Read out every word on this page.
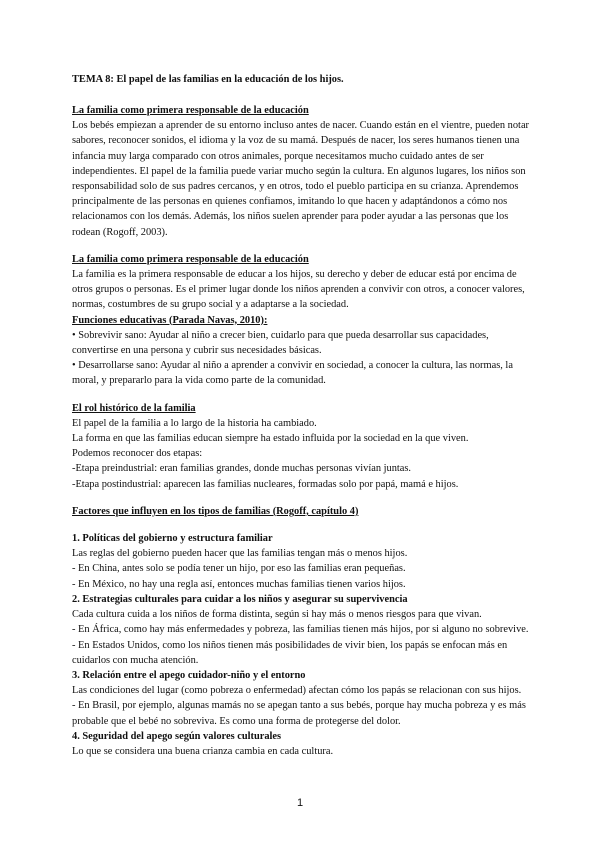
TEMA 8: El papel de las familias en la educación de los hijos.

La familia como primera responsable de la educación

Los bebés empiezan a aprender de su entorno incluso antes de nacer. Cuando están en el vientre, pueden notar sabores, reconocer sonidos, el idioma y la voz de su mamá. Después de nacer, los seres humanos tienen una infancia muy larga comparado con otros animales, porque necesitamos mucho cuidado antes de ser independientes. El papel de la familia puede variar mucho según la cultura. En algunos lugares, los niños son responsabilidad solo de sus padres cercanos, y en otros, todo el pueblo participa en su crianza. Aprendemos principalmente de las personas en quienes confiamos, imitando lo que hacen y adaptándonos a cómo nos relacionamos con los demás. Además, los niños suelen aprender para poder ayudar a las personas que los rodean (Rogoff, 2003).

La familia como primera responsable de la educación

La familia es la primera responsable de educar a los hijos, su derecho y deber de educar está por encima de otros grupos o personas. Es el primer lugar donde los niños aprenden a convivir con otros, a conocer valores, normas, costumbres de su grupo social y a adaptarse a la sociedad.

Funciones educativas (Parada Navas, 2010):

• Sobrevivir sano: Ayudar al niño a crecer bien, cuidarlo para que pueda desarrollar sus capacidades, convertirse en una persona y cubrir sus necesidades básicas.

• Desarrollarse sano: Ayudar al niño a aprender a convivir en sociedad, a conocer la cultura, las normas, la moral, y prepararlo para la vida como parte de la comunidad.

El rol histórico de la familia

El papel de la familia a lo largo de la historia ha cambiado.

La forma en que las familias educan siempre ha estado influida por la sociedad en la que viven.

Podemos reconocer dos etapas:

-Etapa preindustrial: eran familias grandes, donde muchas personas vivían juntas.

-Etapa postindustrial: aparecen las familias nucleares, formadas solo por papá, mamá e hijos.

Factores que influyen en los tipos de familias (Rogoff, capítulo 4)

1. Políticas del gobierno y estructura familiar

Las reglas del gobierno pueden hacer que las familias tengan más o menos hijos.

- En China, antes solo se podía tener un hijo, por eso las familias eran pequeñas.

- En México, no hay una regla así, entonces muchas familias tienen varios hijos.

2. Estrategias culturales para cuidar a los niños y asegurar su supervivencia

Cada cultura cuida a los niños de forma distinta, según si hay más o menos riesgos para que vivan.

- En África, como hay más enfermedades y pobreza, las familias tienen más hijos, por si alguno no sobrevive.

- En Estados Unidos, como los niños tienen más posibilidades de vivir bien, los papás se enfocan más en cuidarlos con mucha atención.

3. Relación entre el apego cuidador-niño y el entorno

Las condiciones del lugar (como pobreza o enfermedad) afectan cómo los papás se relacionan con sus hijos.

- En Brasil, por ejemplo, algunas mamás no se apegan tanto a sus bebés, porque hay mucha pobreza y es más probable que el bebé no sobreviva. Es como una forma de protegerse del dolor.

4. Seguridad del apego según valores culturales

Lo que se considera una buena crianza cambia en cada cultura.

1
